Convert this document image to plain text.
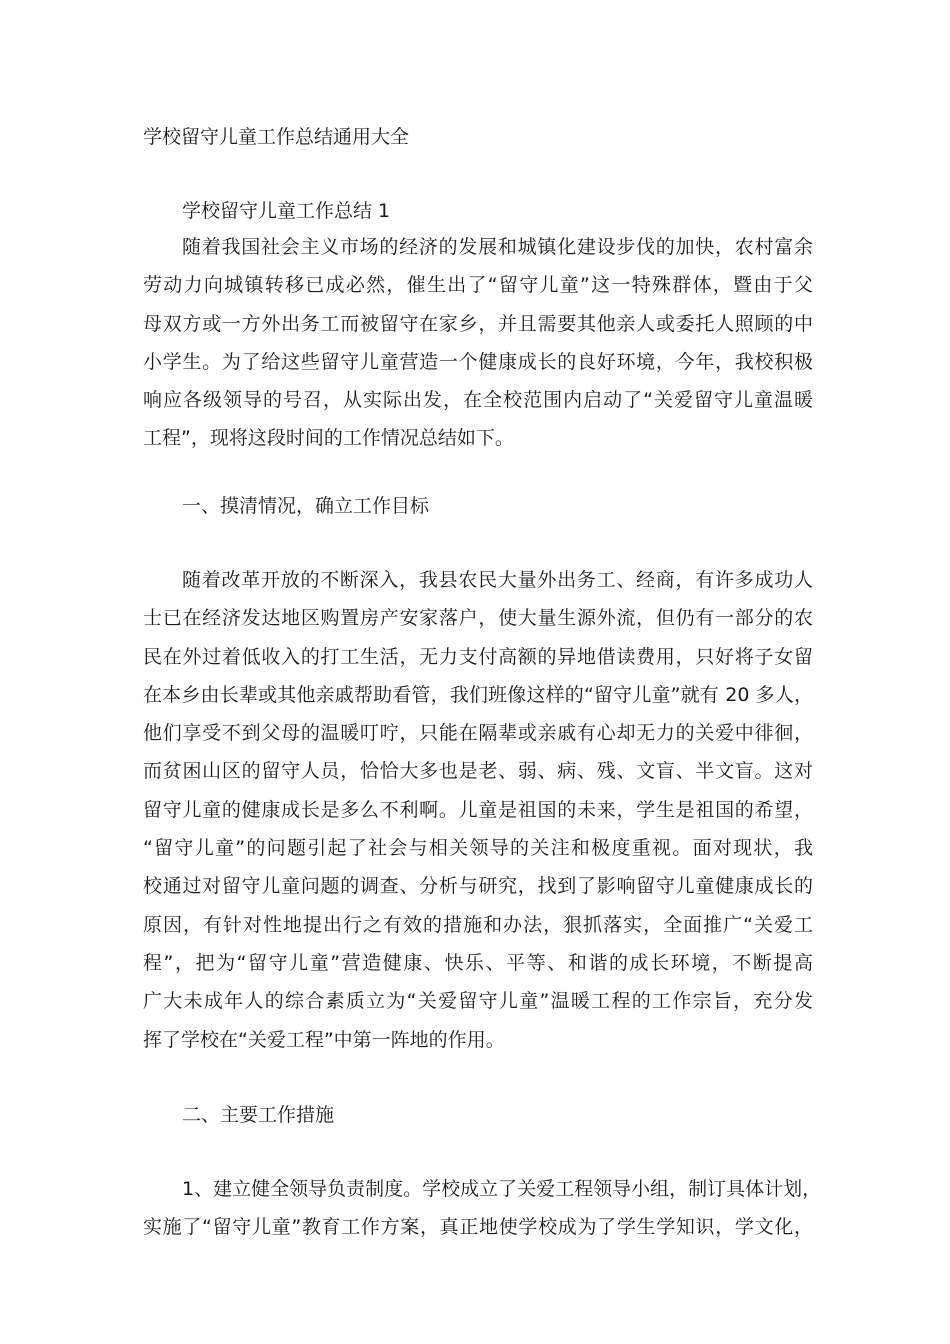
学校留守儿童工作总结通用大全
学校留守儿童工作总结 1
随着我国社会主义市场的经济的发展和城镇化建设步伐的加快，农村富余
劳动力向城镇转移已成必然，催生出了“留守儿童”这一特殊群体，暨由于父
母双方或一方外出务工而被留守在家乡，并且需要其他亲人或委托人照顾的中
小学生。为了给这些留守儿童营造一个健康成长的良好环境，今年，我校积极
响应各级领导的号召，从实际出发，在全校范围内启动了“关爱留守儿童温暖
工程”，现将这段时间的工作情况总结如下。
一、摸清情况，确立工作目标
随着改革开放的不断深入，我县农民大量外出务工、经商，有许多成功人
士已在经济发达地区购置房产安家落户，使大量生源外流，但仍有一部分的农
民在外过着低收入的打工生活，无力支付高额的异地借读费用，只好将子女留
在本乡由长辈或其他亲戚帮助看管，我们班像这样的“留守儿童”就有 20 多人，
他们享受不到父母的温暖叮咛，只能在隔辈或亲戚有心却无力的关爱中徘徊，
而贫困山区的留守人员，恰恰大多也是老、弱、病、残、文盲、半文盲。这对
留守儿童的健康成长是多么不利啊。儿童是祖国的未来，学生是祖国的希望，
“留守儿童”的问题引起了社会与相关领导的关注和极度重视。面对现状，我
校通过对留守儿童问题的调查、分析与研究，找到了影响留守儿童健康成长的
原因，有针对性地提出行之有效的措施和办法，狠抓落实，全面推广“关爱工
程”，把为“留守儿童”营造健康、快乐、平等、和谐的成长环境，不断提高
广大未成年人的综合素质立为“关爱留守儿童”温暖工程的工作宗旨，充分发
挥了学校在“关爱工程”中第一阵地的作用。
二、主要工作措施
1、建立健全领导负责制度。学校成立了关爱工程领导小组，制订具体计划，
实施了“留守儿童”教育工作方案，真正地使学校成为了学生学知识，学文化，
